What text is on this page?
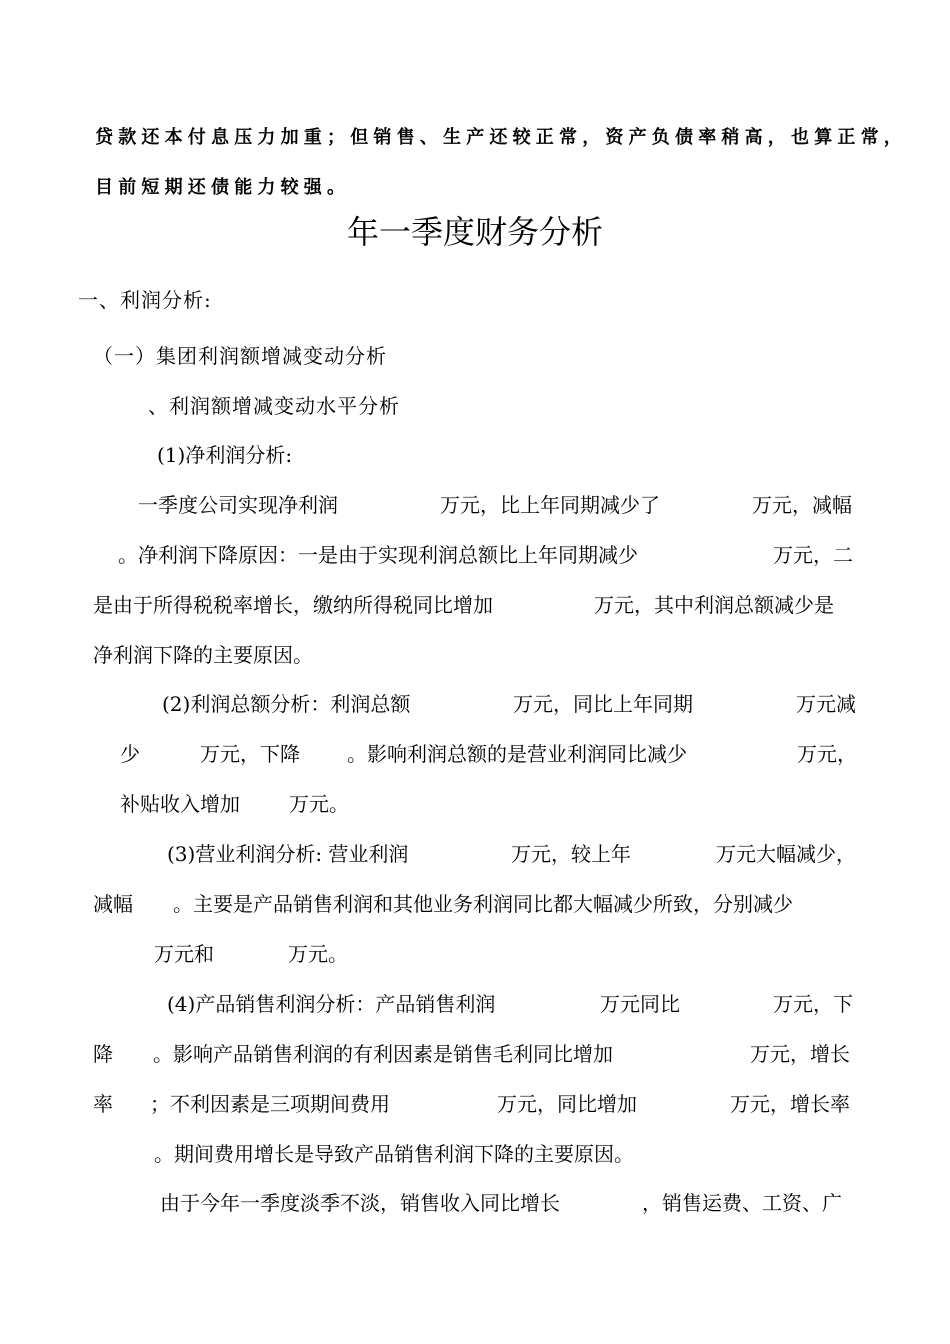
贷款还本付息压力加重；但销售、生产还较正常，资产负债率稍高，也算正常，
目前短期还债能力较强。
年一季度财务分析
一、利润分析:
（一）集团利润额增减变动分析
、利润额增减变动水平分析
(1)净利润分析:
一季度公司实现净利润	万元，比上年同期减少了	万元，减幅
。净利润下降原因：一是由于实现利润总额比上年同期减少	万元，二
是由于所得税税率增长，缴纳所得税同比增加	万元，其中利润总额减少是
净利润下降的主要原因。
(2)利润总额分析：利润总额	万元，同比上年同期	万元减
少	万元，下降 。影响利润总额的是营业利润同比减少	万元，
补贴收入增加 万元。
(3)营业利润分析: 营业利润	万元，较上年	万元大幅减少，
减幅 。主要是产品销售利润和其他业务利润同比都大幅减少所致，分别减少
万元和	万元。
(4)产品销售利润分析：产品销售利润	万元同比	万元，下
降 。影响产品销售利润的有利因素是销售毛利同比增加	万元，增长
率 ；不利因素是三项期间费用	万元，同比增加	万元，增长率
。期间费用增长是导致产品销售利润下降的主要原因。
由于今年一季度淡季不淡，销售收入同比增长	，销售运费、工资、广
